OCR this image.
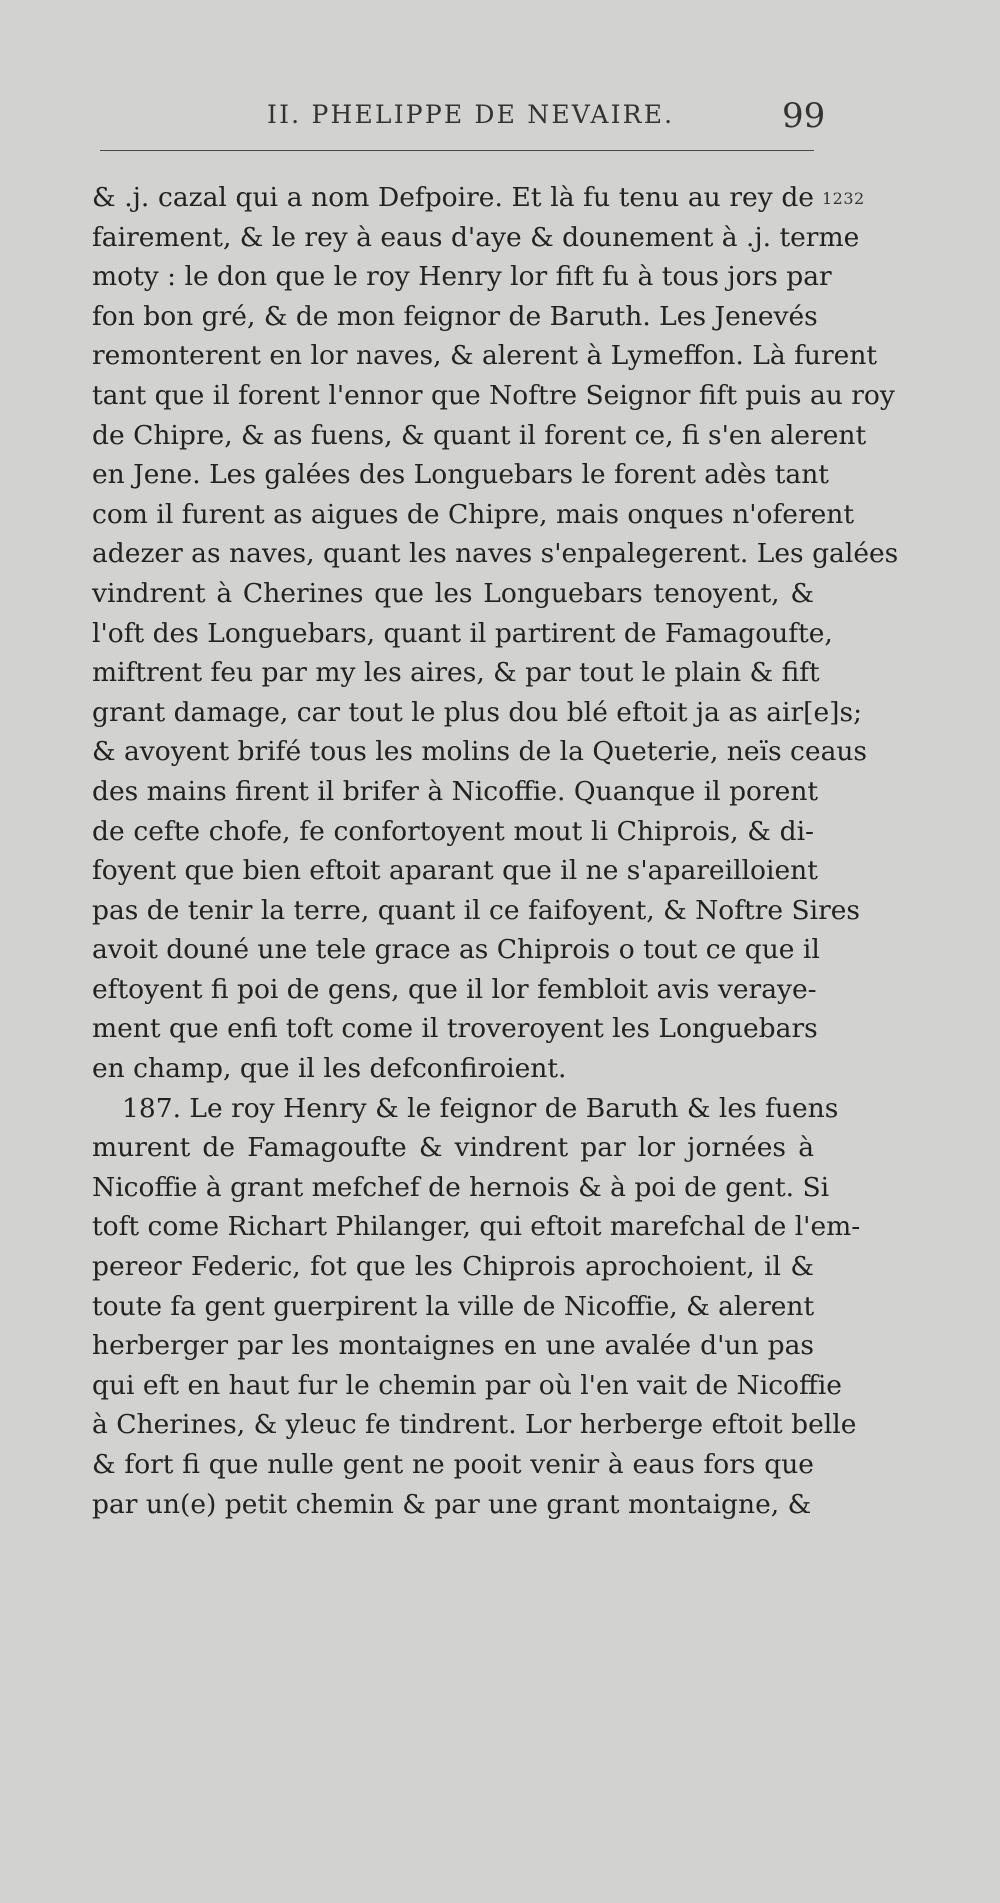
II. PHELIPPE DE NEVAIRE.	99
1232
& .j. cazal qui a nom Defpoire. Et là fu tenu au rey de
fairement, & le rey à eaus d'aye & dounement à .j. terme
moty : le don que le roy Henry lor fift fu à tous jors par
fon bon gré, & de mon feignor de Baruth. Les Jenevés
remonterent en lor naves, & alerent à Lymeffon. Là furent
tant que il forent l'ennor que Noftre Seignor fift puis au roy
de Chipre, & as fuens, & quant il forent ce, fi s'en alerent
en Jene. Les galées des Longuebars le forent adès tant
com il furent as aigues de Chipre, mais onques n'oferent
adezer as naves, quant les naves s'enpalegerent. Les galées
vindrent à Cherines que les Longuebars tenoyent, &
l'oft des Longuebars, quant il partirent de Famagoufte,
miftrent feu par my les aires, & par tout le plain & fift
grant damage, car tout le plus dou blé eftoit ja as air[e]s;
& avoyent brifé tous les molins de la Queterie, neïs ceaus
des mains firent il brifer à Nicoffie. Quanque il porent
de cefte chofe, fe confortoyent mout li Chiprois, & di-
foyent que bien eftoit aparant que il ne s'apareilloient
pas de tenir la terre, quant il ce faifoyent, & Noftre Sires
avoit douné une tele grace as Chiprois o tout ce que il
eftoyent fi poi de gens, que il lor fembloit avis veraye-
ment que enfi toft come il troveroyent les Longuebars
en champ, que il les defconfiroient.
187. Le roy Henry & le feignor de Baruth & les fuens
murent de Famagoufte & vindrent par lor jornées à
Nicoffie à grant mefchef de hernois & à poi de gent. Si
toft come Richart Philanger, qui eftoit marefchal de l'em-
pereor Federic, fot que les Chiprois aprochoient, il &
toute fa gent guerpirent la ville de Nicoffie, & alerent
herberger par les montaignes en une avalée d'un pas
qui eft en haut fur le chemin par où l'en vait de Nicoffie
à Cherines, & yleuc fe tindrent. Lor herberge eftoit belle
& fort fi que nulle gent ne pooit venir à eaus fors que
par un(e) petit chemin & par une grant montaigne, &
